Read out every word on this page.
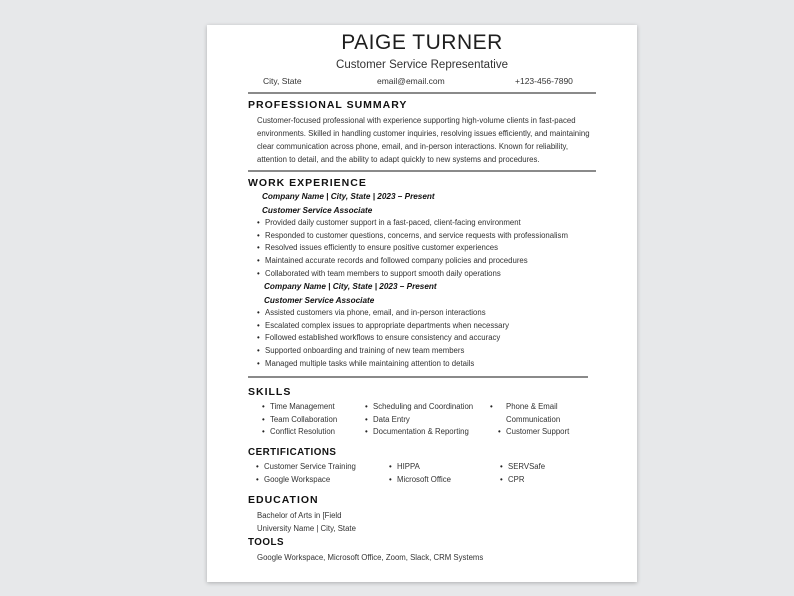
PAIGE TURNER
Customer Service Representative
City, State	email@email.com	+123-456-7890
PROFESSIONAL SUMMARY
Customer-focused professional with experience supporting high-volume clients in fast-paced environments. Skilled in handling customer inquiries, resolving issues efficiently, and maintaining clear communication across phone, email, and in-person interactions. Known for reliability, attention to detail, and the ability to adapt quickly to new systems and procedures.
WORK EXPERIENCE
Company Name | City, State | 2023 – Present
Customer Service Associate
• Provided daily customer support in a fast-paced, client-facing environment
• Responded to customer questions, concerns, and service requests with professionalism
• Resolved issues efficiently to ensure positive customer experiences
• Maintained accurate records and followed company policies and procedures
• Collaborated with team members to support smooth daily operations
Company Name | City, State | 2023 – Present
Customer Service Associate
• Assisted customers via phone, email, and in-person interactions
• Escalated complex issues to appropriate departments when necessary
• Followed established workflows to ensure consistency and accuracy
• Supported onboarding and training of new team members
• Managed multiple tasks while maintaining attention to details
SKILLS
• Time Management
• Team Collaboration
• Conflict Resolution
• Scheduling and Coordination
• Data Entry
• Documentation & Reporting
• Phone & Email Communication
• Customer Support
CERTIFICATIONS
• Customer Service Training
• Google Workspace
• HIPPA
• Microsoft Office
• SERVSafe
• CPR
EDUCATION
Bachelor of Arts in [Field
University Name | City, State
TOOLS
Google Workspace, Microsoft Office, Zoom, Slack, CRM Systems
